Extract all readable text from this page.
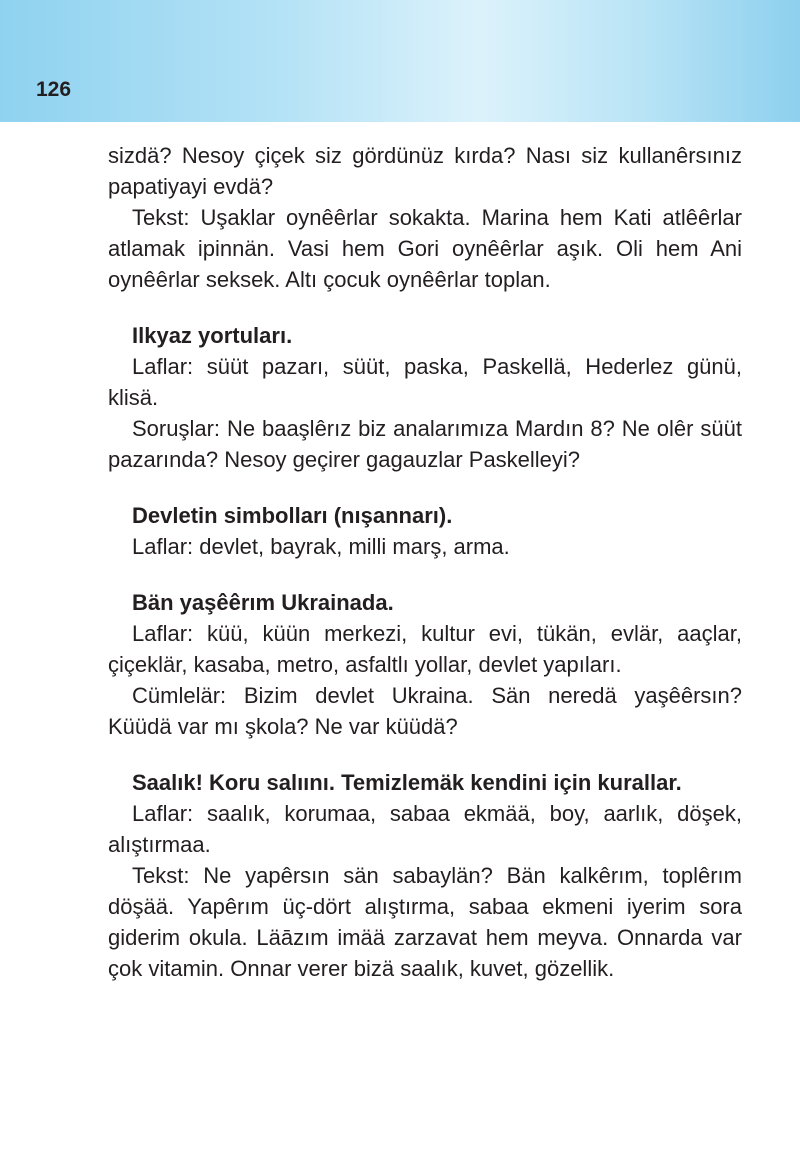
126

sizdä? Nesoy çiçek siz gördünüz kırda? Nası siz kullanêrsınız papatiyayi evdä?

Tekst: Uşaklar oynêêrlar sokakta. Marina hem Kati atlêêrlar atlamak ipinnän. Vasi hem Gori oynêêrlar aşık. Oli hem Ani oynêêrlar seksek. Altı çocuk oynêêrlar toplan.

Ilkyaz yortuları.

Laflar: süüt pazarı, süüt, paska, Paskellä, Hederlez günü, klisä.

Soruşlar: Ne baaşlêrız biz analarımıza Mardın 8? Ne olêr süüt pazarında? Nesoy geçirer gagauzlar Paskelleyi?

Devletin simbolları (nışannarı).

Laflar: devlet, bayrak, milli marş, arma.

Bän yaşêêrım Ukrainada.

Laflar: küü, küün merkezi, kultur evi, tükän, evlär, aaçlar, çiçeklär, kasaba, metro, asfaltlı yollar, devlet yapıları.

Cümlelär: Bizim devlet Ukraina. Sän neredä yaşêêrsın? Küüdä var mı şkola? Ne var küüdä?

Saalık! Koru salıını. Temizlemäk kendini için kurallar.

Laflar: saalık, korumaa, sabaa ekmää, boy, aarlık, döşek, alıştırmaa.

Tekst: Ne yapêrsın sän sabaylän? Bän kalkêrım, toplêrım döşää. Yapêrım üç-dört alıştırma, sabaa ekmeni iyerim sora giderim okula. Läāzım imää zarzavat hem meyva. Onnarda var çok vitamin. Onnar verer bizä saalık, kuvet, gözellik.
